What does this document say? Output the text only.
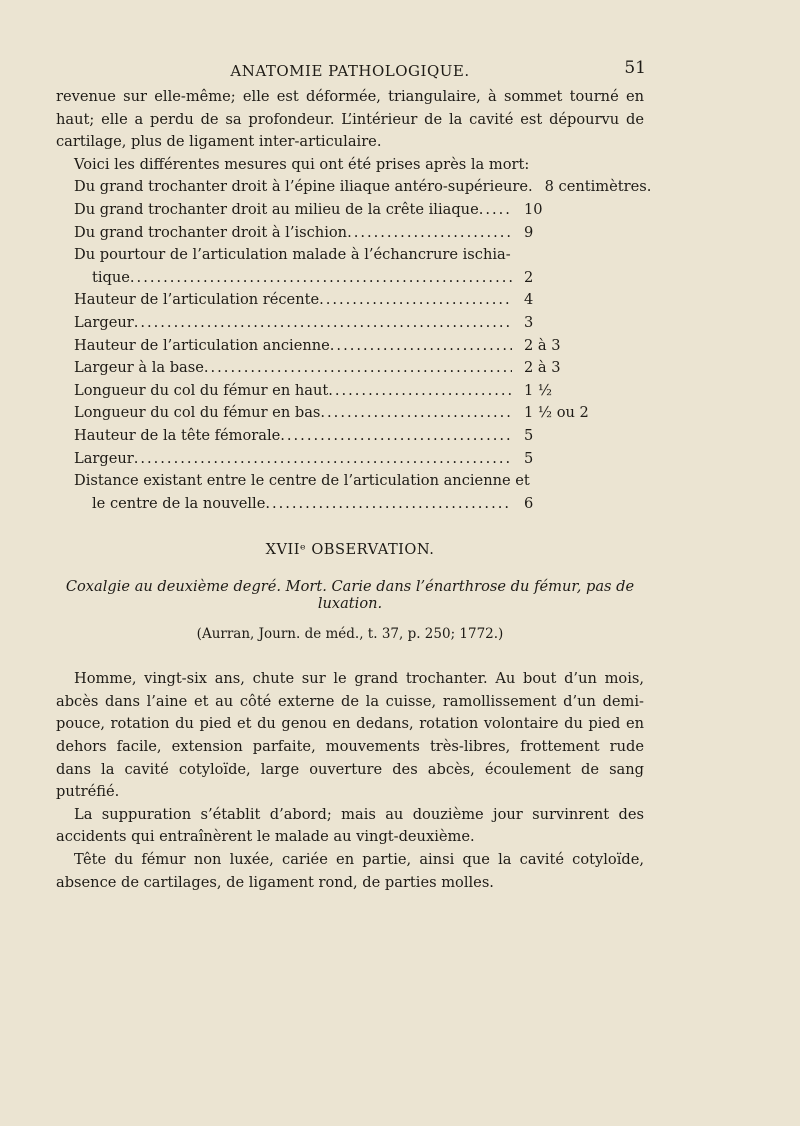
ANATOMIE PATHOLOGIQUE.	51

revenue sur elle-même; elle est déformée, triangulaire, à sommet tourné en haut; elle a perdu de sa profondeur. L’intérieur de la cavité est dépourvu de cartilage, plus de ligament inter-articulaire.

Voici les différentes mesures qui ont été prises après la mort:

Du grand trochanter droit à l’épine iliaque antéro-supérieure. 8 centimètres.
Du grand trochanter droit au milieu de la crête iliaque .....	10
Du grand trochanter droit à l’ischion .....	9
Du pourtour de l’articulation malade à l’échancrure ischia-
tique .....	2
Hauteur de l’articulation récente .....	4
Largeur .....	3
Hauteur de l’articulation ancienne .....	2 à 3
Largeur à la base .....	2 à 3
Longueur du col du fémur en haut .....	1 ½
Longueur du col du fémur en bas .....	1 ½ ou 2
Hauteur de la tête fémorale .....	5
Largeur .....	5
Distance existant entre le centre de l’articulation ancienne et
le centre de la nouvelle .....	6
XVIIᵉ OBSERVATION.
Coxalgie au deuxième degré. Mort. Carie dans l’énarthrose du fémur, pas de luxation.
(Aurran, Journ. de méd., t. 37, p. 250; 1772.)

Homme, vingt-six ans, chute sur le grand trochanter. Au bout d’un mois, abcès dans l’aine et au côté externe de la cuisse, ramollissement d’un demi-pouce, rotation du pied et du genou en dedans, rotation volontaire du pied en dehors facile, extension parfaite, mouvements très-libres, frottement rude dans la cavité cotyloïde, large ouverture des abcès, écoulement de sang putréfié.

La suppuration s’établit d’abord; mais au douzième jour survinrent des accidents qui entraînèrent le malade au vingt-deuxième.

Tête du fémur non luxée, cariée en partie, ainsi que la cavité cotyloïde, absence de cartilages, de ligament rond, de parties molles.
